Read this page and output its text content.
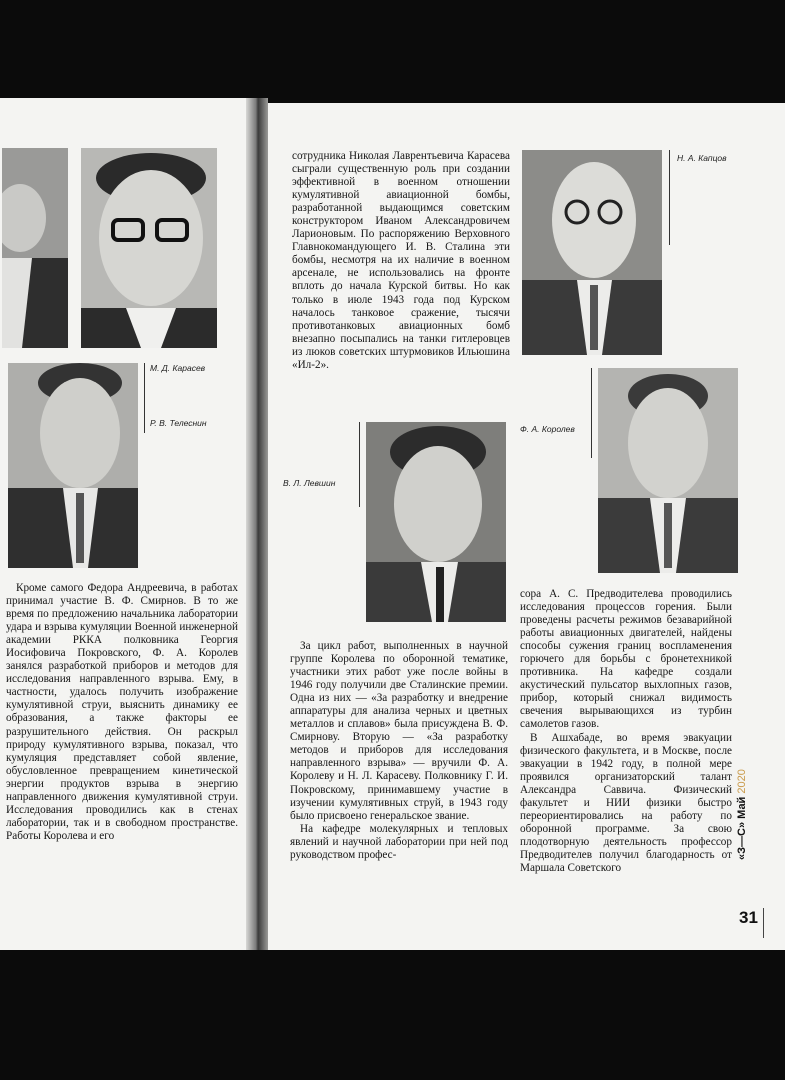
М. Д. Карасев
Р. В. Телеснин
Н. А. Капцов
Ф. А. Королев
В. Л. Левшин

Кроме самого Федора Андреевича, в работах принимал участие В. Ф. Смирнов. В то же время по предложению начальника лаборатории удара и взрыва кумуляции Военной инженерной академии РККА полковника Георгия Иосифовича Покровского, Ф. А. Королев занялся разработкой приборов и методов для исследования направленного взрыва. Ему, в частности, удалось получить изображение кумулятивной струи, выяснить динамику ее образования, а также факторы ее разрушительного действия. Он раскрыл природу кумулятивного взрыва, показал, что кумуляция представляет собой явление, обусловленное превращением кинетической энергии продуктов взрыва в энергию направленного движения кумулятивной струи. Исследования проводились как в стенах лаборатории, так и в свободном пространстве. Работы Королева и его

сотрудника Николая Лаврентьевича Карасева сыграли существенную роль при создании эффективной в военном отношении кумулятивной авиационной бомбы, разработанной выдающимся советским конструктором Иваном Александровичем Ларионовым. По распоряжению Верховного Главнокомандующего И. В. Сталина эти бомбы, несмотря на их наличие в военном арсенале, не использовались на фронте вплоть до начала Курской битвы. Но как только в июле 1943 года под Курском началось танковое сражение, тысячи противотанковых авиационных бомб внезапно посыпались на танки гитлеровцев из люков советских штурмовиков Ильюшина «Ил-2».

За цикл работ, выполненных в научной группе Королева по оборонной тематике, участники этих работ уже после войны в 1946 году получили две Сталинские премии. Одна из них — «За разработку и внедрение аппаратуры для анализа черных и цветных металлов и сплавов» была присуждена В. Ф. Смирнову. Вторую — «За разработку методов и приборов для исследования направленного взрыва» — вручили Ф. А. Королеву и Н. Л. Карасеву. Полковнику Г. И. Покровскому, принимавшему участие в изучении кумулятивных струй, в 1943 году было присвоено генеральское звание.

На кафедре молекулярных и тепловых явлений и научной лаборатории при ней под руководством профес-

сора А. С. Предводителева проводились исследования процессов горения. Были проведены расчеты режимов безаварийной работы авиационных двигателей, найдены способы сужения границ воспламенения горючего для борьбы с бронетехникой противника. На кафедре создали акустический пульсатор выхлопных газов, прибор, который снижал видимость свечения вырывающихся из турбин самолетов газов.

В Ашхабаде, во время эвакуации физического факультета, и в Москве, после эвакуации в 1942 году, в полной мере проявился организаторский талант Александра Саввича. Физический факультет и НИИ физики быстро переориентировались на работу по оборонной программе. За свою плодотворную деятельность профессор Предводителев получил благодарность от Маршала Советского

«З—С» Май 2020
31
